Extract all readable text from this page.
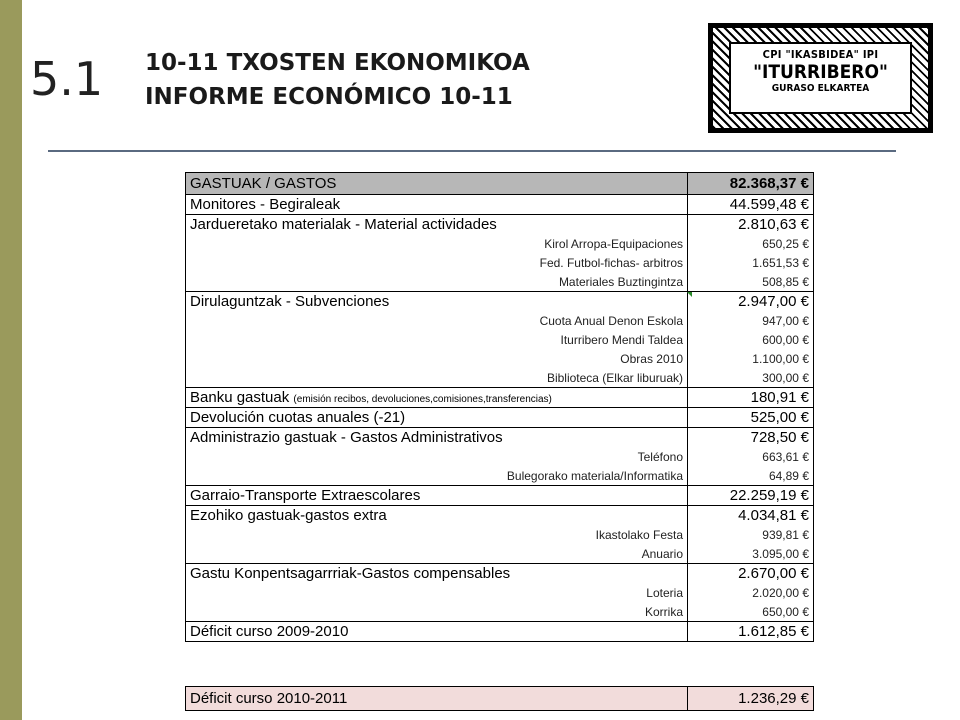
5.1 10-11 TXOSTEN EKONOMIKOA
INFORME ECONÓMICO 10-11
CPI "IKASBIDEA" IPI
"ITURRIBERO"
GURASO ELKARTEA
GASTUAK / GASTOS	82.368,37 €
Monitores - Begiraleak	44.599,48 €
Jardueretako materialak - Material actividades	2.810,63 €
Kirol Arropa-Equipaciones	650,25 €
Fed. Futbol-fichas- arbitros	1.651,53 €
Materiales Buztingintza	508,85 €
Dirulaguntzak - Subvenciones	2.947,00 €
Cuota Anual Denon Eskola	947,00 €
Iturribero Mendi Taldea	600,00 €
Obras 2010	1.100,00 €
Biblioteca (Elkar liburuak)	300,00 €
Banku gastuak (emisión recibos, devoluciones,comisiones,transferencias)	180,91 €
Devolución cuotas anuales (-21)	525,00 €
Administrazio gastuak - Gastos Administrativos	728,50 €
Teléfono	663,61 €
Bulegorako materiala/Informatika	64,89 €
Garraio-Transporte Extraescolares	22.259,19 €
Ezohiko gastuak-gastos extra	4.034,81 €
Ikastolako Festa	939,81 €
Anuario	3.095,00 €
Gastu Konpentsagarrriak-Gastos compensables	2.670,00 €
Loteria	2.020,00 €
Korrika	650,00 €
Déficit curso 2009-2010	1.612,85 €
Déficit curso 2010-2011	1.236,29 €
